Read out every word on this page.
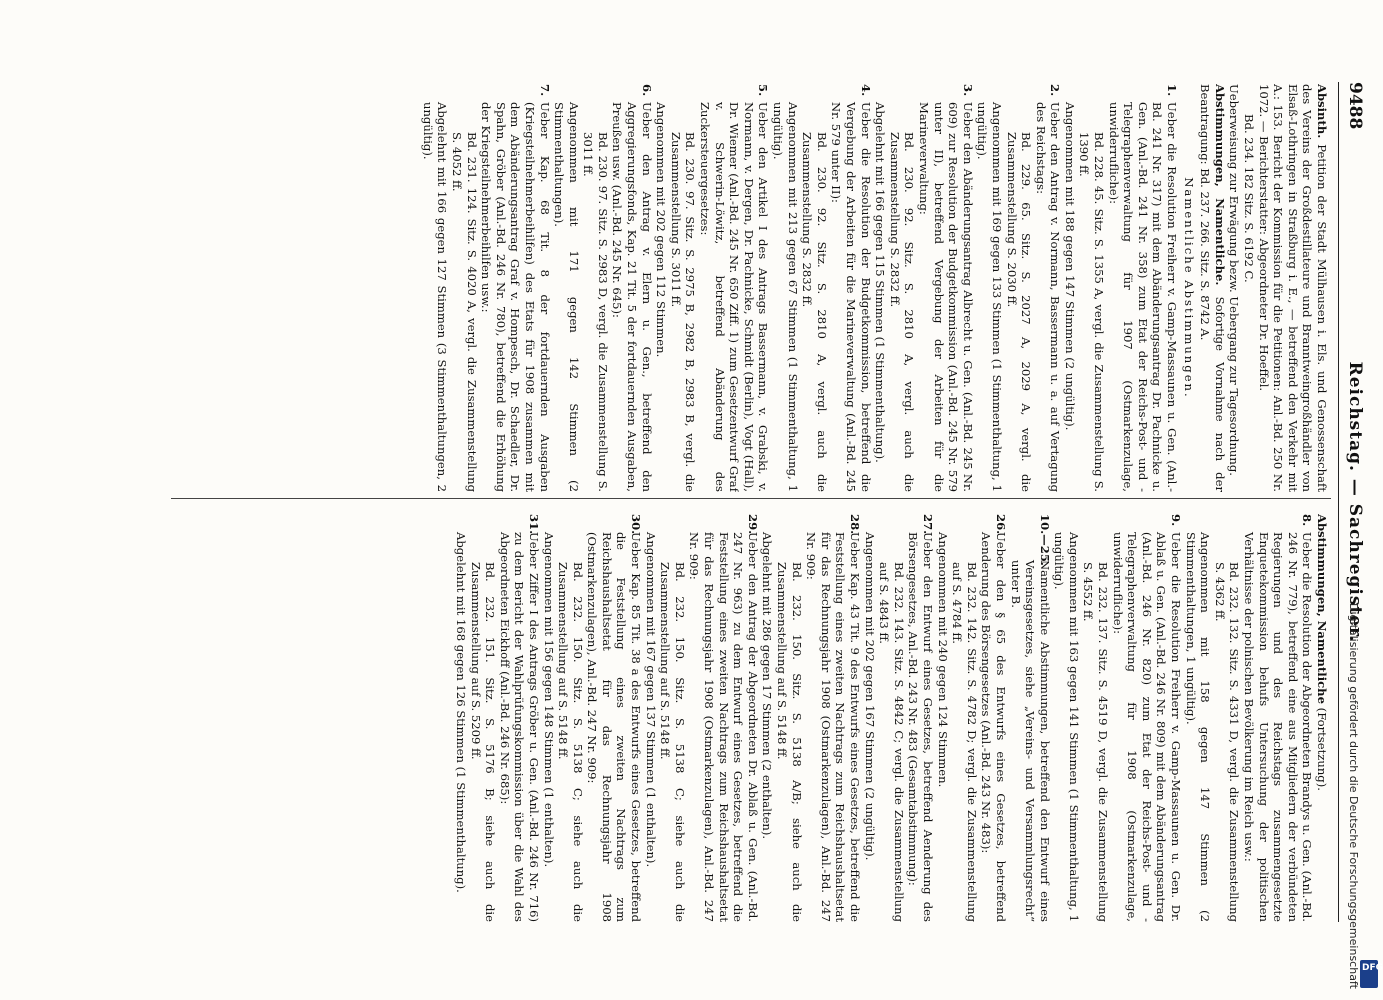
9488
Reichstag. — Sachregister.

Absinth. Petition der Stadt Mülhausen i. Els. und Genossenschaft des Vereins der Großdestillateure und Branntweingroßhändler von Elsaß-Lothringen in Straßburg i. E., — betreffend den Verkehr mit A.: 153. Bericht der Kommission für die Petitionen: Anl.-Bd. 250 Nr. 1072. — Berichterstatter: Abgeordneter Dr. Hoeffel.

Bd. 234. 182 Sitz. S. 6192 C.

Ueberweisung zur Erwägung bezw. Uebergang zur Tagesordnung.

Abstimmungen, Namentliche. Sofortige Vornahme nach der Beantragung: Bd. 237. 266. Sitz. S. 8742 A.

Namentliche Abstimmungen.

1.
Ueber die Resolution Freiherr v. Gamp-Massaunen u. Gen. (Anl.-Bd. 241 Nr. 317) mit dem Abänderungsantrag Dr. Pachnicke u. Gen. (Anl.-Bd. 241 Nr. 358) zum Etat der Reichs-Post- und -Telegraphenverwaltung für 1907 (Ostmarkenzulage, unwiderrufliche):

Bd. 228. 45. Sitz. S. 1355 A, vergl. die Zusammenstellung S. 1390 ff.

Angenommen mit 188 gegen 147 Stimmen (2 ungültig).

2.
Ueber den Antrag v. Normann, Bassermann u. a. auf Vertagung des Reichstags:

Bd. 229. 65. Sitz. S. 2027 A, 2029 A, vergl. die Zusammenstellung S. 2030 ff.

Angenommen mit 169 gegen 133 Stimmen (1 Stimmenthaltung, 1 ungültig).

3.
Ueber den Abänderungsantrag Albrecht u. Gen. (Anl.-Bd. 245 Nr. 609) zur Resolution der Budgetkommission (Anl.-Bd. 245 Nr. 579 unter II), betreffend Vergebung der Arbeiten für die Marineverwaltung:

Bd. 230. 92. Sitz. S. 2810 A, vergl. auch die Zusammenstellung S. 2832 ff.

Abgelehnt mit 166 gegen 115 Stimmen (1 Stimmenthaltung).

4.
Ueber die Resolution der Budgetkommission, betreffend die Vergebung der Arbeiten für die Marineverwaltung (Anl.-Bd. 245 Nr. 579 unter II):

Bd. 230. 92. Sitz. S. 2810 A, vergl. auch die Zusammenstellung S. 2832 ff.

Angenommen mit 213 gegen 67 Stimmen (1 Stimmenthaltung, 1 ungültig).

5.
Ueber den Artikel I des Antrags Bassermann, v. Grabski, v. Normann, v. Dergen, Dr. Pachnicke, Schmidt (Berlin), Vogt (Hall), Dr. Wiemer (Anl.-Bd. 245 Nr. 650 Ziff. 1) zum Gesetzentwurf Graf v. Schwerin-Löwitz, betreffend Abänderung des Zuckersteuergesetzes:

Bd. 230. 97. Sitz. S. 2975 B, 2982 B, 2983 B, vergl. die Zusammenstellung S. 3011 ff.

Angenommen mit 202 gegen 112 Stimmen.

6.
Ueber den Antrag v. Elern u. Gen., betreffend den Aggregierungsfonds, Kap. 21 Tit. 5 der fortdauernden Ausgaben, Preußen usw. (Anl.-Bd. 245 Nr. 645):

Bd. 230. 97. Sitz. S. 2983 D, vergl. die Zusammenstellung S. 3011 ff.

Angenommen mit 171 gegen 142 Stimmen (2 Stimmenthaltungen).

7.
Ueber Kap. 68 Tit. 8 der fortdauernden Ausgaben (Kriegsteilnehmerbeihilfen) des Etats für 1908 zusammen mit dem Abänderungsantrag Graf v. Hompesch, Dr. Schaedler, Dr. Spahn, Gröber (Anl.-Bd. 246 Nr. 780), betreffend die Erhöhung der Kriegsteilnehmerbeihilfen usw.:

Bd. 231. 124. Sitz. S. 4020 A, vergl. die Zusammenstellung S. 4052 ff.

Abgelehnt mit 166 gegen 127 Stimmen (3 Stimmenthaltungen, 2 ungültig).

Abstimmungen, Namentliche (Fortsetzung).

8.
Ueber die Resolution der Abgeordneten Brandys u. Gen. (Anl.-Bd. 246 Nr. 779), betreffend eine aus Mitgliedern der verbündeten Regierungen und des Reichstags zusammengesetzte Enquetekommission behufs Untersuchung der politischen Verhältnisse der polnischen Bevölkerung im Reich usw.:

Bd. 232. 132. Sitz. S. 4331 D, vergl. die Zusammenstellung S. 4362 ff.

Angenommen mit 158 gegen 147 Stimmen (2 Stimmenthaltungen, 1 ungültig).

9.
Ueber die Resolution Freiherr v. Gamp-Massaunen u. Gen. Dr. Ablaß u. Gen. (Anl.-Bd. 246 Nr. 809) mit dem Abänderungsantrag (Anl.-Bd. 246 Nr. 820) zum Etat der Reichs-Post- und -Telegraphenverwaltung für 1908 (Ostmarkenzulage, unwiderrufliche):

Bd. 232. 137. Sitz. S. 4519 D, vergl. die Zusammenstellung S. 4552 ff.

Angenommen mit 163 gegen 141 Stimmen (1 Stimmenthaltung, 1 ungültig).

10.—25.
Namentliche Abstimmungen, betreffend den Entwurf eines Vereinsgesetzes, siehe „Vereins- und Versammlungsrecht“ unter B.
26.
Ueber den § 65 des Entwurfs eines Gesetzes, betreffend Aenderung des Börsengesetzes (Anl.-Bd. 243 Nr. 483):

Bd. 232. 142. Sitz. S. 4782 D; vergl. die Zusammenstellung auf S. 4784 ff.

Angenommen mit 240 gegen 124 Stimmen.

27.
Ueber den Entwurf eines Gesetzes, betreffend Aenderung des Börsengesetzes, Anl.-Bd. 243 Nr. 483 (Gesamtabstimmung):

Bd. 232. 143. Sitz. S. 4842 C; vergl. die Zusammenstellung auf S. 4843 ff.

Angenommen mit 202 gegen 167 Stimmen (2 ungültig).

28.
Ueber Kap. 43 Tit. 9 des Entwurfs eines Gesetzes, betreffend die Feststellung eines zweiten Nachtrags zum Reichshaushaltsetat für das Rechnungsjahr 1908 (Ostmarkenzulagen), Anl.-Bd. 247 Nr. 909:

Bd. 232. 150. Sitz. S. 5138 A/B; siehe auch die Zusammenstellung auf S. 5148 ff.

Abgelehnt mit 286 gegen 17 Stimmen (2 enthalten).

29.
Ueber den Antrag der Abgeordneten Dr. Ablaß u. Gen. (Anl.-Bd. 247 Nr. 963) zu dem Entwurf eines Gesetzes, betreffend die Feststellung eines zweiten Nachtrags zum Reichshaushaltsetat für das Rechnungsjahr 1908 (Ostmarkenzulagen), Anl.-Bd. 247 Nr. 909:

Bd. 232. 150. Sitz. S. 5138 C; siehe auch die Zusammenstellung auf S. 5148 ff.

Angenommen mit 167 gegen 137 Stimmen (1 enthalten).

30.
Ueber Kap. 85 Tit. 38 a des Entwurfs eines Gesetzes, betreffend die Feststellung eines zweiten Nachtrags zum Reichshaushaltsetat für das Rechnungsjahr 1908 (Ostmarkenzulagen), Anl.-Bd. 247 Nr. 909:

Bd. 232. 150. Sitz. S. 5138 C; siehe auch die Zusammenstellung auf S. 5148 ff.

Angenommen mit 156 gegen 148 Stimmen (1 enthalten).

31.
Ueber Ziffer I des Antrags Gröber u. Gen. (Anl.-Bd. 246 Nr. 716) zu dem Bericht der Wahlprüfungskommission über die Wahl des Abgeordneten Eickhoff (Anl.-Bd. 246 Nr. 685):

Bd. 232. 151. Sitz. S. 5176 B; siehe auch die Zusammenstellung auf S. 5209 ff.

Abgelehnt mit 168 gegen 126 Stimmen (1 Stimmenthaltung).	Digitalisierung gefördert durch die Deutsche Forschungsgemeinschaft DFG
